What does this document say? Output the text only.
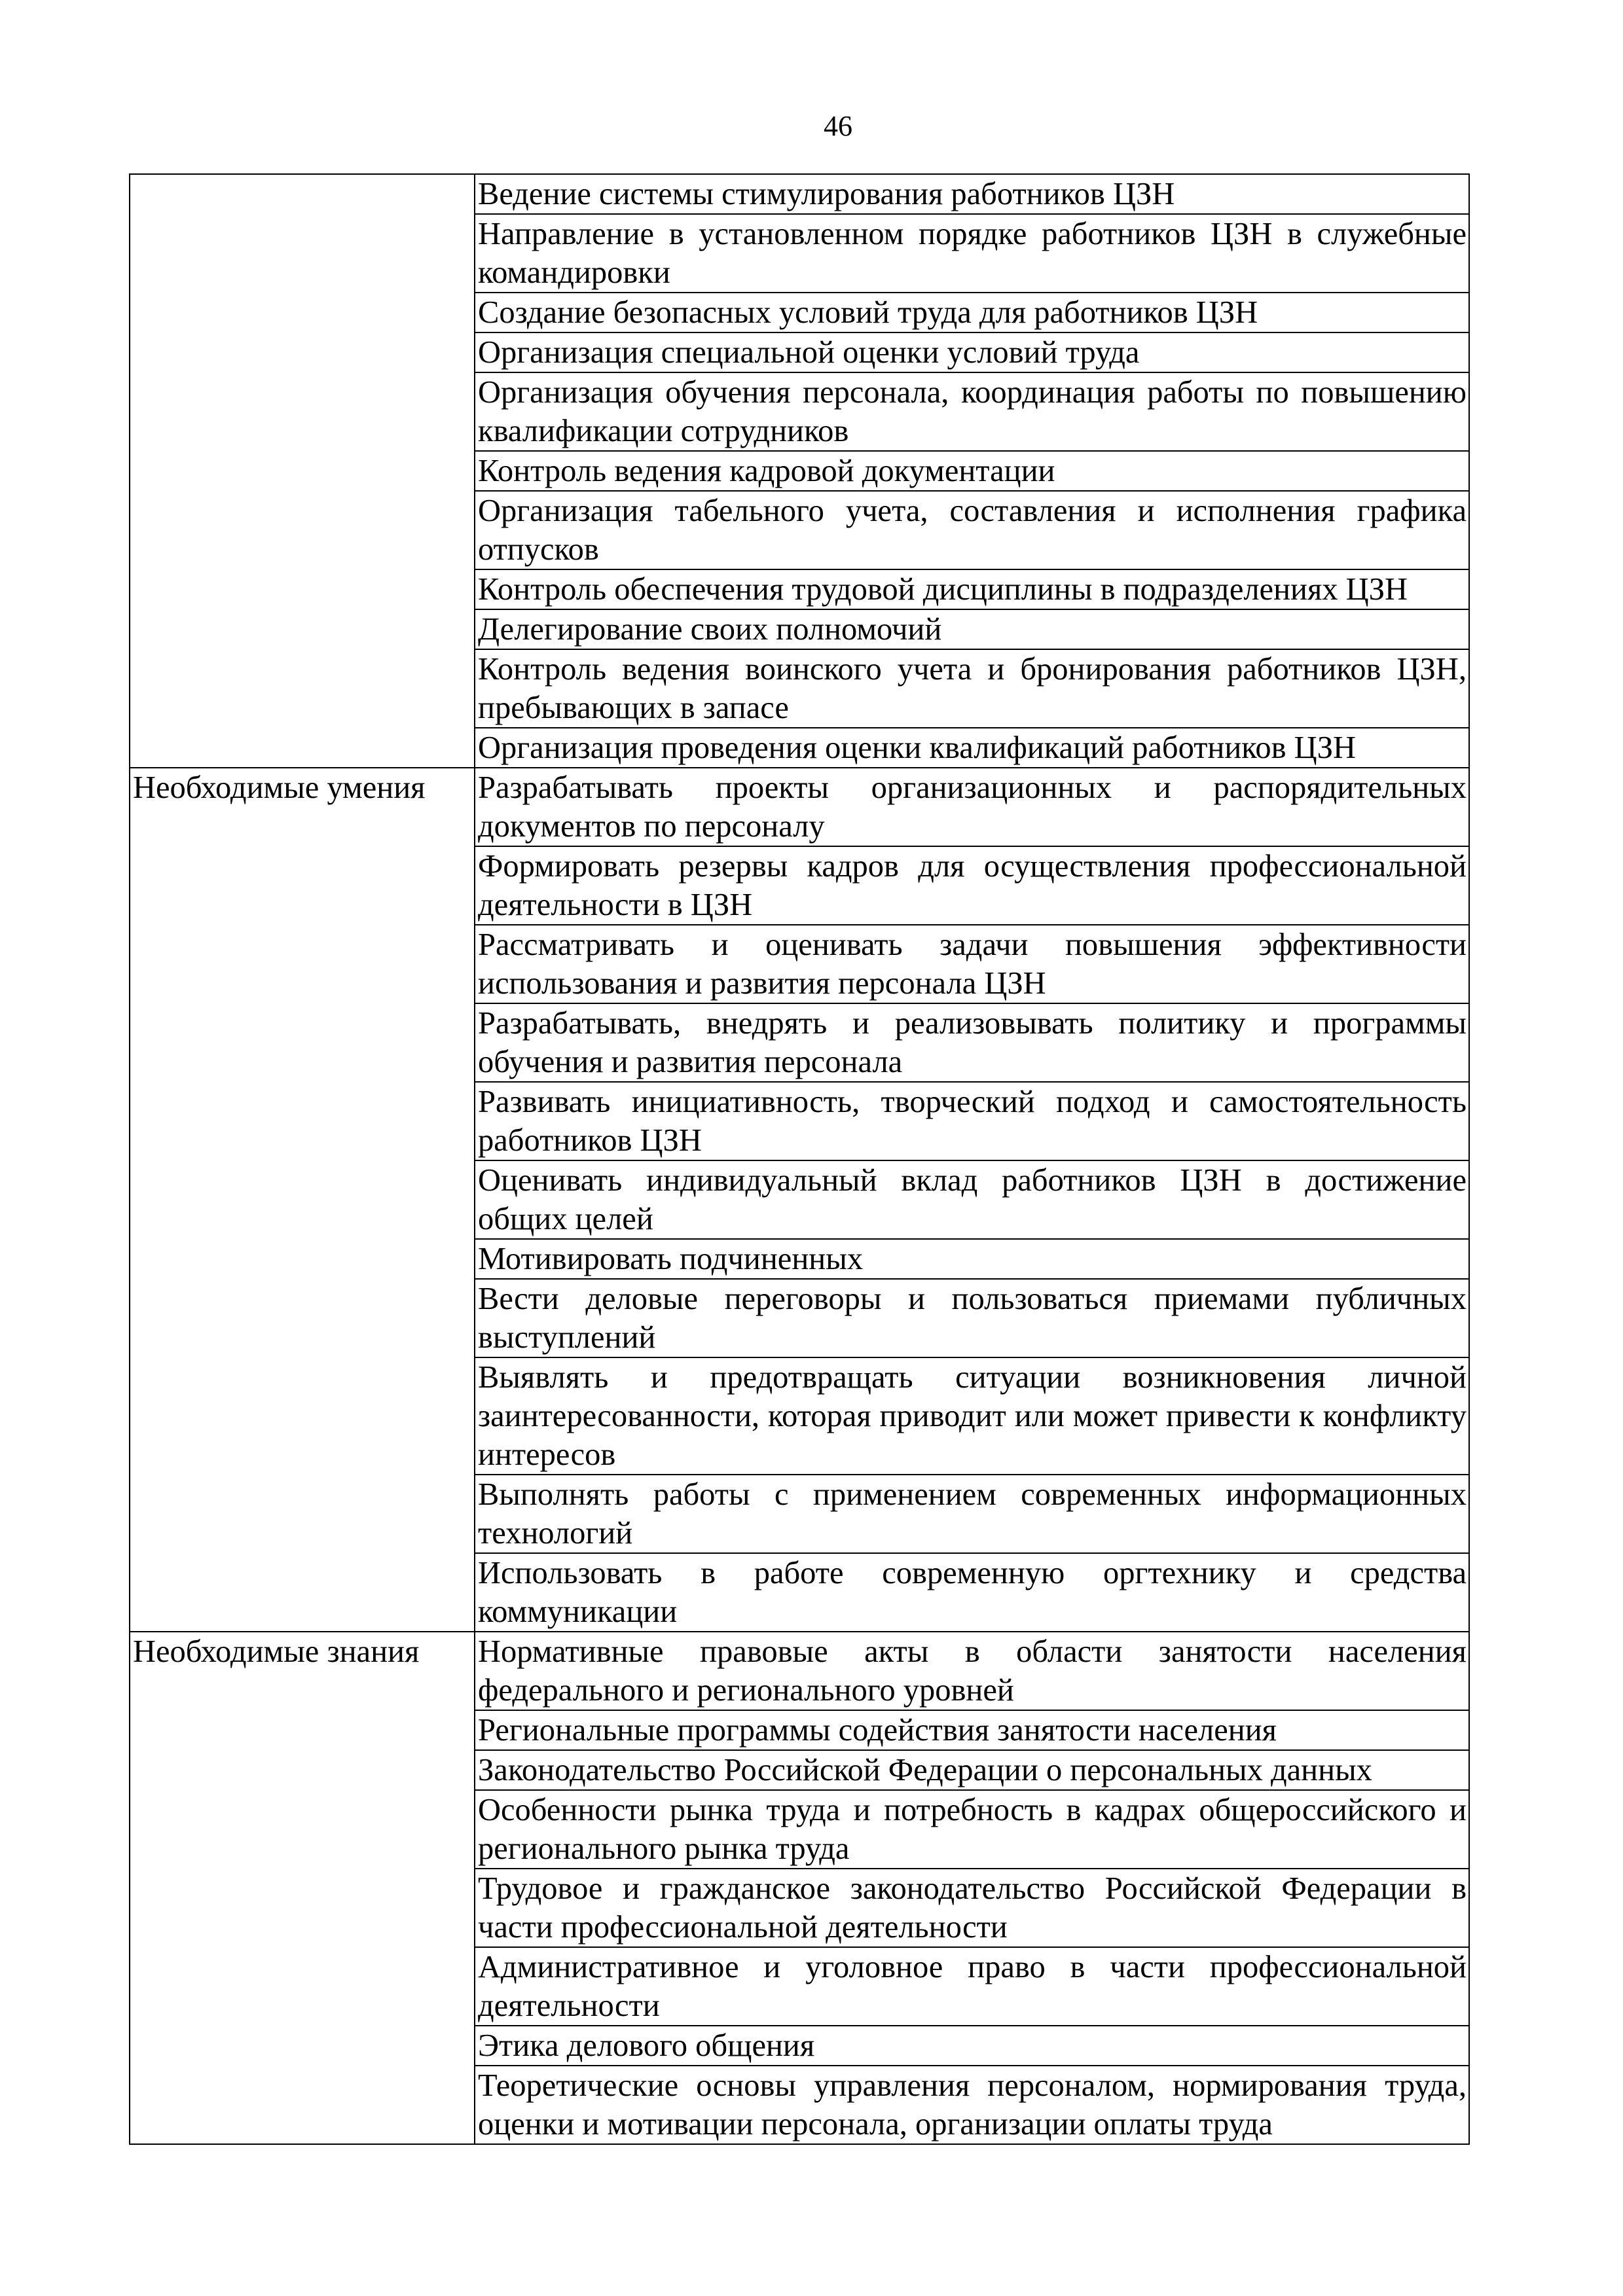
46
	Ведение системы стимулирования работников ЦЗН
	Направление в установленном порядке работников ЦЗН в служебные командировки
	Создание безопасных условий труда для работников ЦЗН
	Организация специальной оценки условий труда
	Организация обучения персонала, координация работы по повышению квалификации сотрудников
	Контроль ведения кадровой документации
	Организация табельного учета, составления и исполнения графика отпусков
	Контроль обеспечения трудовой дисциплины в подразделениях ЦЗН
	Делегирование своих полномочий
	Контроль ведения воинского учета и бронирования работников ЦЗН, пребывающих в запасе
	Организация проведения оценки квалификаций работников ЦЗН
Необходимые умения	Разрабатывать проекты организационных и распорядительных документов по персоналу
	Формировать резервы кадров для осуществления профессиональной деятельности в ЦЗН
	Рассматривать и оценивать задачи повышения эффективности использования и развития персонала ЦЗН
	Разрабатывать, внедрять и реализовывать политику и программы обучения и развития персонала
	Развивать инициативность, творческий подход и самостоятельность работников ЦЗН
	Оценивать индивидуальный вклад работников ЦЗН в достижение общих целей
	Мотивировать подчиненных
	Вести деловые переговоры и пользоваться приемами публичных выступлений
	Выявлять и предотвращать ситуации возникновения личной заинтересованности, которая приводит или может привести к конфликту интересов
	Выполнять работы с применением современных информационных технологий
	Использовать в работе современную оргтехнику и средства коммуникации
Необходимые знания	Нормативные правовые акты в области занятости населения федерального и регионального уровней
	Региональные программы содействия занятости населения
	Законодательство Российской Федерации о персональных данных
	Особенности рынка труда и потребность в кадрах общероссийского и регионального рынка труда
	Трудовое и гражданское законодательство Российской Федерации в части профессиональной деятельности
	Административное и уголовное право в части профессиональной деятельности
	Этика делового общения
	Теоретические основы управления персоналом, нормирования труда, оценки и мотивации персонала, организации оплаты труда
